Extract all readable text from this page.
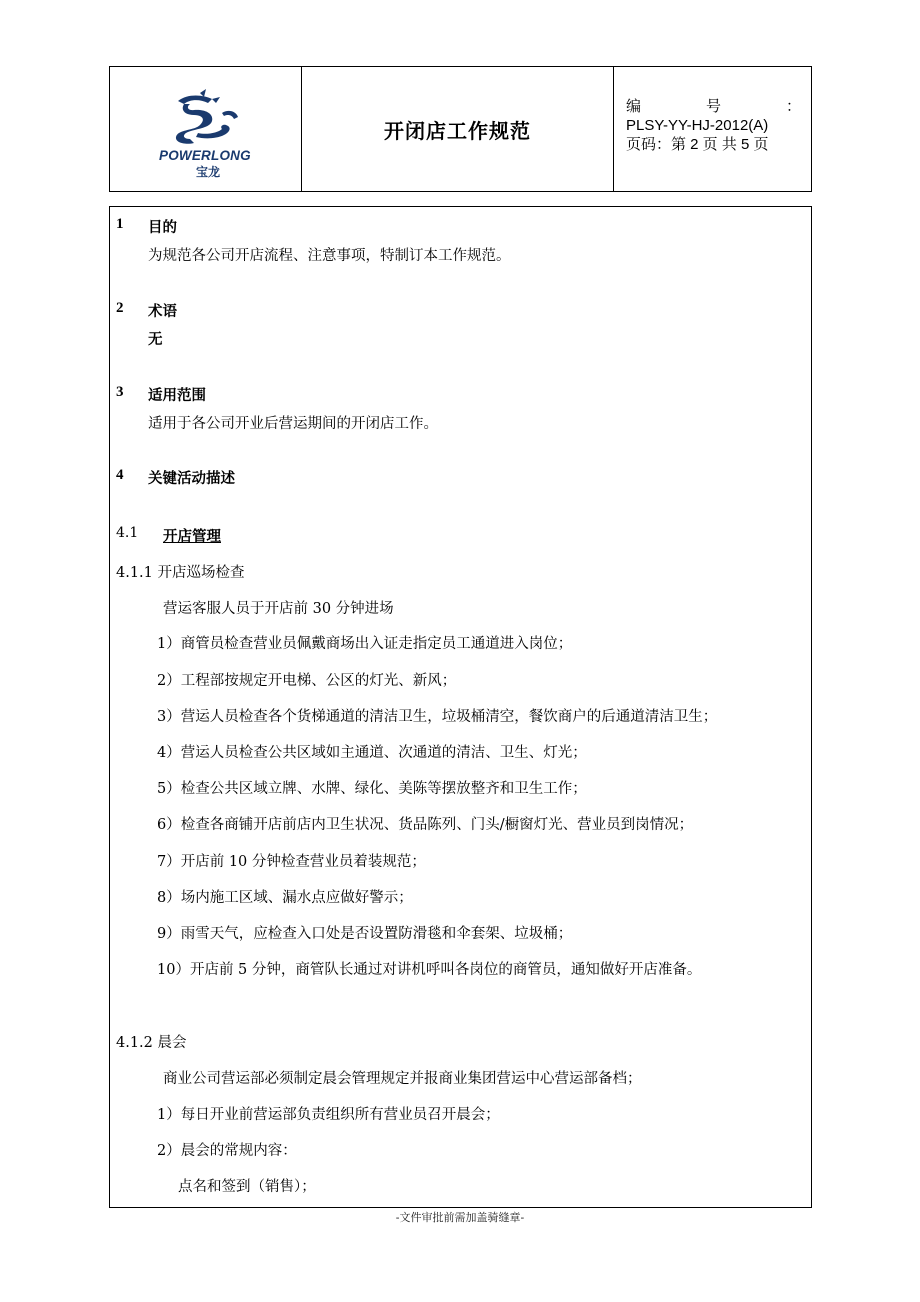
POWERLONG
宝龙
开闭店工作规范
编	号	：
PLSY-YY-HJ-2012(A)
页码：第 2 页 共 5 页
1 目的
为规范各公司开店流程、注意事项，特制订本工作规范。
2 术语
无
3 适用范围
适用于各公司开业后营运期间的开闭店工作。
4 关键活动描述
4.1 开店管理
4.1.1 开店巡场检查
营运客服人员于开店前 30 分钟进场
1）商管员检查营业员佩戴商场出入证走指定员工通道进入岗位；
2）工程部按规定开电梯、公区的灯光、新风；
3）营运人员检查各个货梯通道的清洁卫生，垃圾桶清空，餐饮商户的后通道清洁卫生；
4）营运人员检查公共区域如主通道、次通道的清洁、卫生、灯光；
5）检查公共区域立牌、水牌、绿化、美陈等摆放整齐和卫生工作；
6）检查各商铺开店前店内卫生状况、货品陈列、门头/橱窗灯光、营业员到岗情况；
7）开店前 10 分钟检查营业员着装规范；
8）场内施工区域、漏水点应做好警示；
9）雨雪天气，应检查入口处是否设置防滑毯和伞套架、垃圾桶；
10）开店前 5 分钟，商管队长通过对讲机呼叫各岗位的商管员，通知做好开店准备。
4.1.2 晨会
商业公司营运部必须制定晨会管理规定并报商业集团营运中心营运部备档；
1）每日开业前营运部负责组织所有营业员召开晨会；
2）晨会的常规内容：
点名和签到（销售）；
-文件审批前需加盖骑缝章-
